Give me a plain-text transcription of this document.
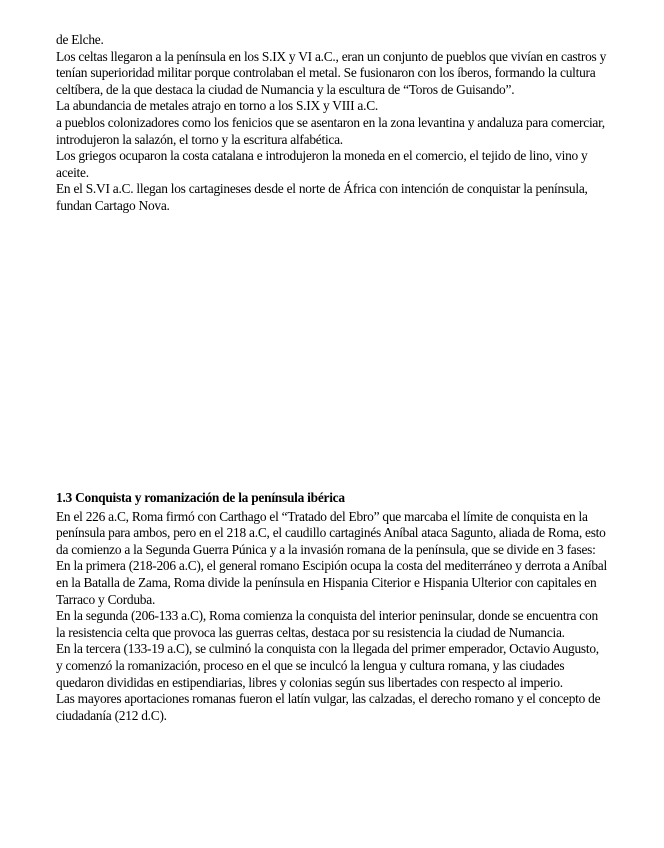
de Elche.

Los celtas llegaron a la península en los S.IX y VI a.C., eran un conjunto de pueblos que vivían en castros y tenían superioridad militar porque controlaban el metal. Se fusionaron con los íberos, formando la cultura celtíbera, de la que destaca la ciudad de Numancia y la escultura de “Toros de Guisando”.

La abundancia de metales atrajo en torno a los S.IX y VIII a.C.

a pueblos colonizadores como los fenicios que se asentaron en la zona levantina y andaluza para comerciar, introdujeron la salazón, el torno y la escritura alfabética.

Los griegos ocuparon la costa catalana e introdujeron la moneda en el comercio, el tejido de lino, vino y aceite.

En el S.VI a.C. llegan los cartagineses desde el norte de África con intención de conquistar la península, fundan Cartago Nova.

1.3 Conquista y romanización de la península ibérica

En el 226 a.C, Roma firmó con Carthago el “Tratado del Ebro” que marcaba el límite de conquista en la península para ambos, pero en el 218 a.C, el caudillo cartaginés Aníbal ataca Sagunto, aliada de Roma, esto da comienzo a la Segunda Guerra Púnica y a la invasión romana de la península, que se divide en 3 fases:

En la primera (218-206 a.C), el general romano Escipión ocupa la costa del mediterráneo y derrota a Aníbal en la Batalla de Zama, Roma divide la península en Hispania Citerior e Hispania Ulterior con capitales en Tarraco y Corduba.

En la segunda (206-133 a.C), Roma comienza la conquista del interior peninsular, donde se encuentra con la resistencia celta que provoca las guerras celtas, destaca por su resistencia la ciudad de Numancia.

En la tercera (133-19 a.C), se culminó la conquista con la llegada del primer emperador, Octavio Augusto, y comenzó la romanización, proceso en el que se inculcó la lengua y cultura romana, y las ciudades quedaron divididas en estipendiarias, libres y colonias según sus libertades con respecto al imperio.

Las mayores aportaciones romanas fueron el latín vulgar, las calzadas, el derecho romano y el concepto de ciudadanía (212 d.C).
